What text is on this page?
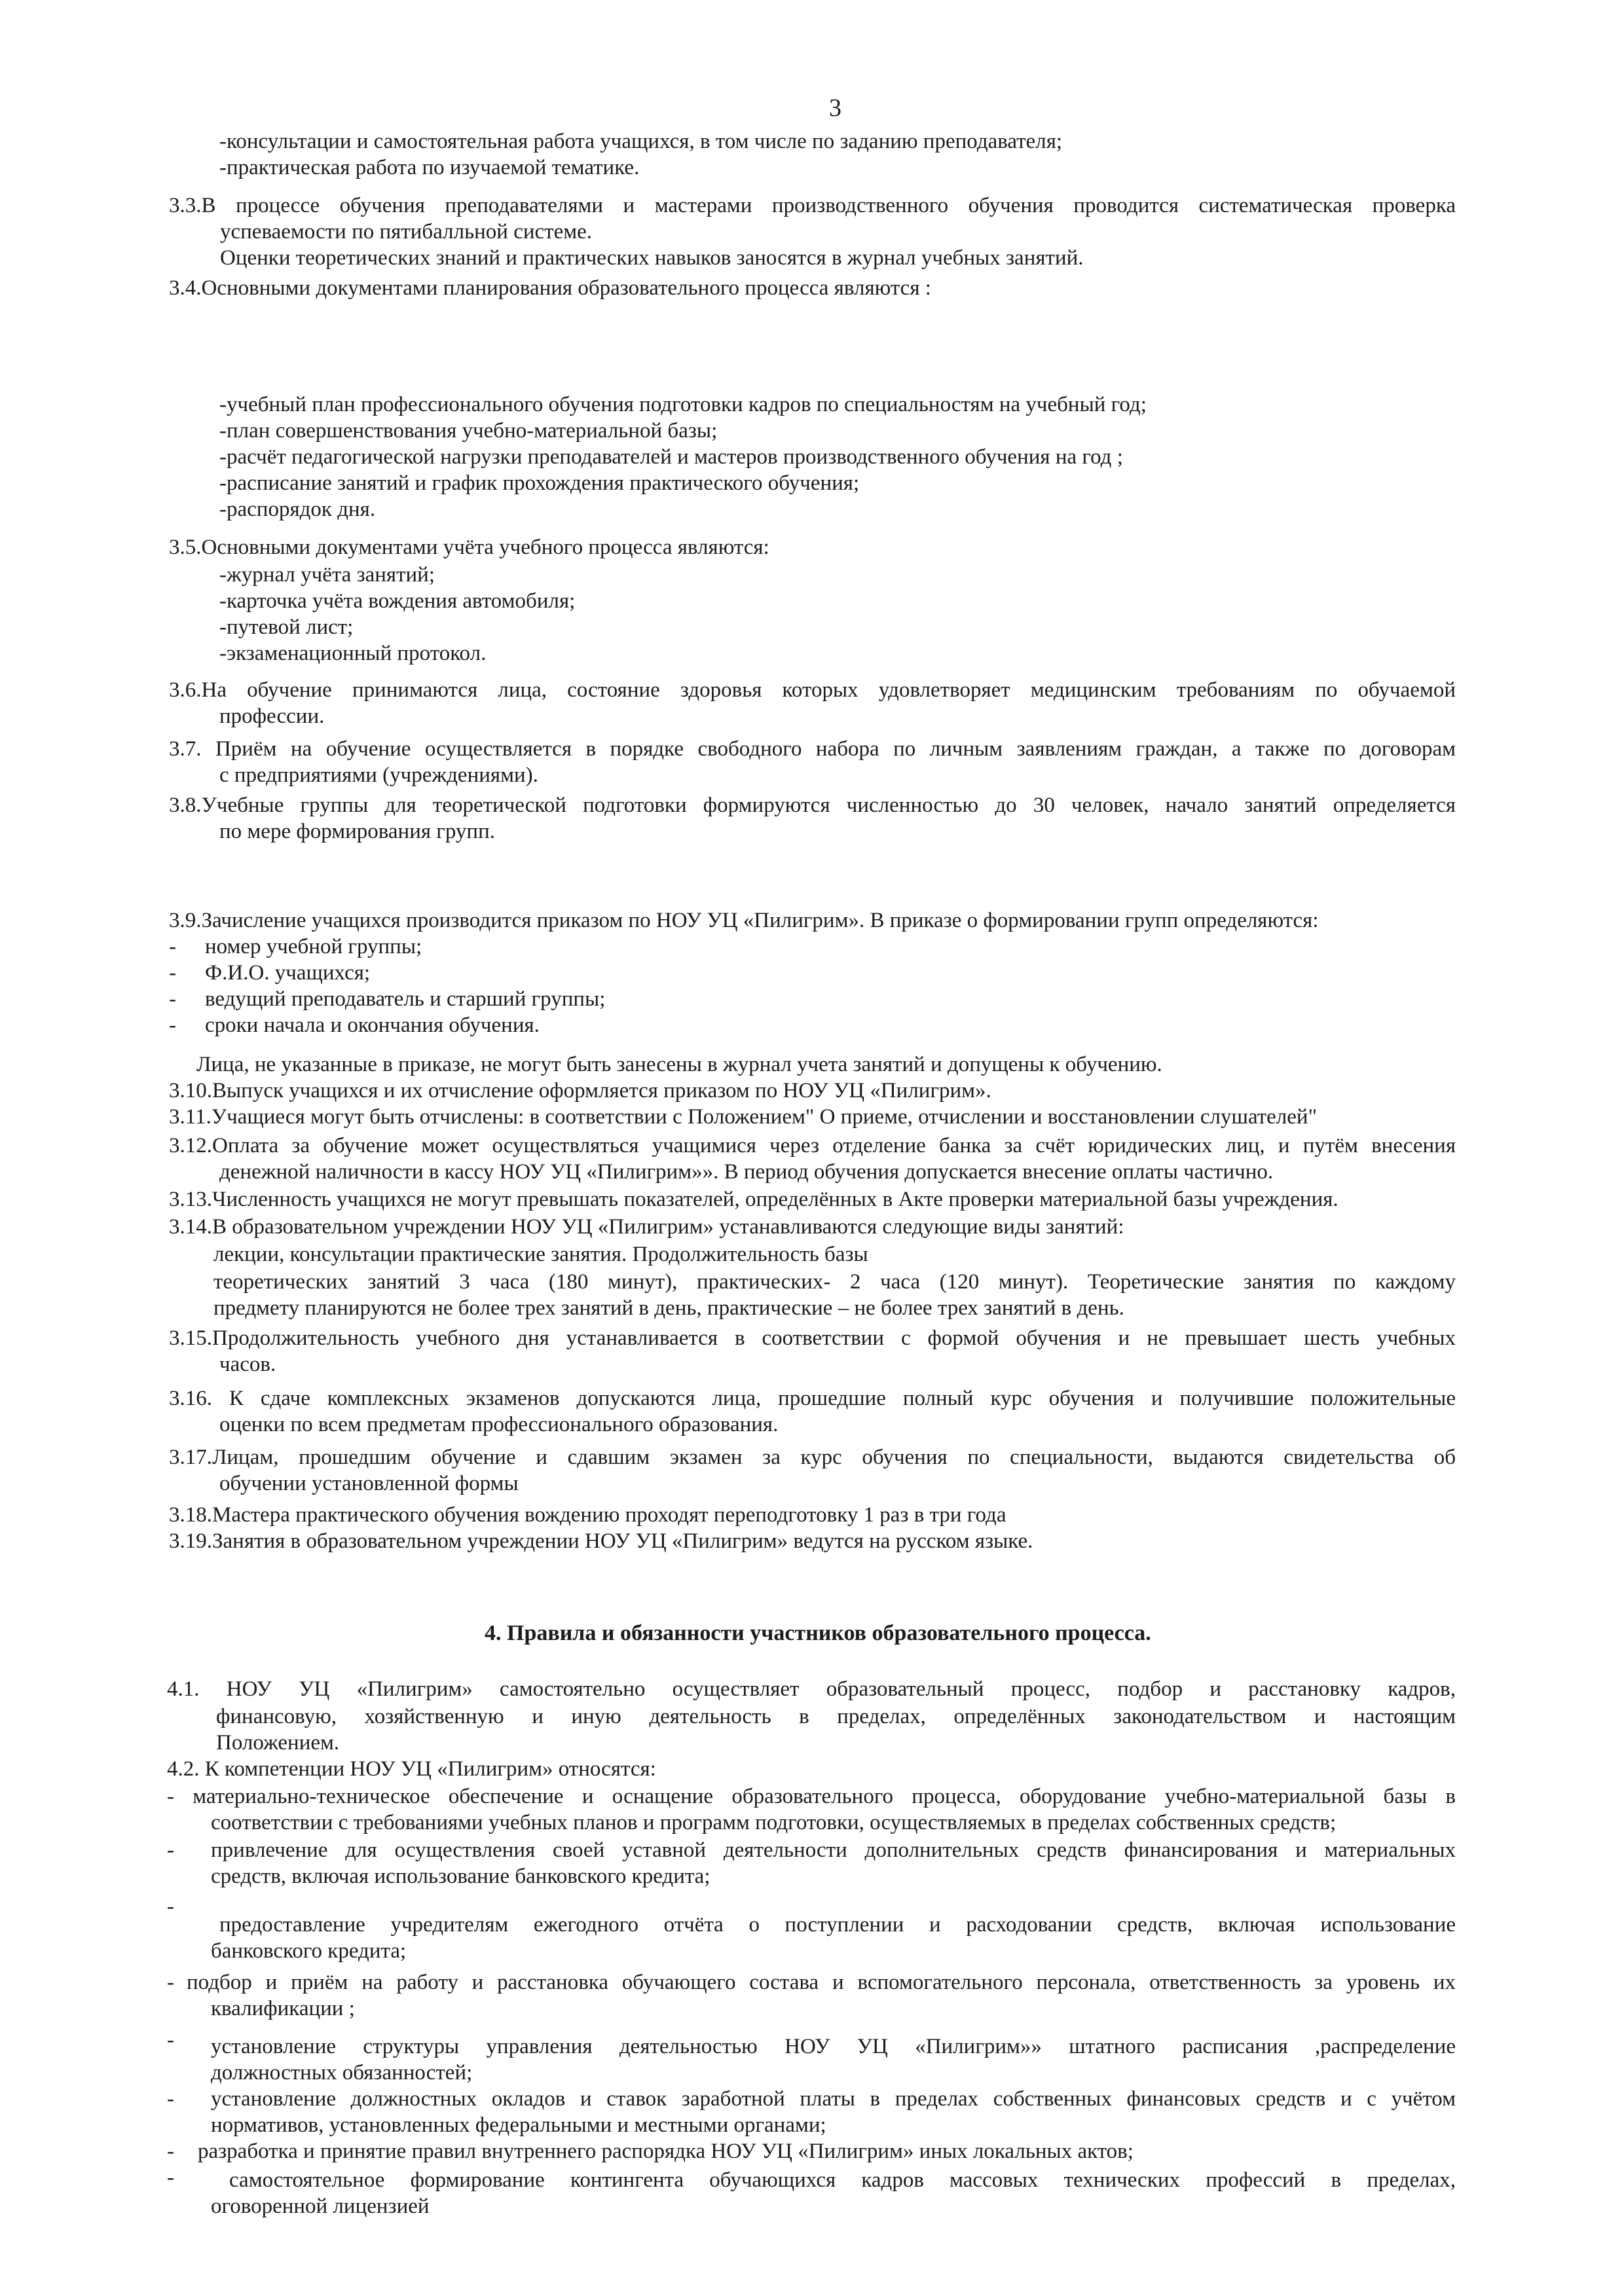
3
-консультации и самостоятельная работа учащихся, в том числе по заданию преподавателя;
-практическая работа по изучаемой тематике.
3.3.В процессе обучения преподавателями и мастерами производственного обучения проводится систематическая проверка
успеваемости по пятибалльной системе.
Оценки теоретических знаний и практических навыков заносятся в журнал учебных занятий.
3.4.Основными документами планирования образовательного процесса являются :
-учебный план профессионального обучения подготовки кадров по специальностям на учебный год;
-план совершенствования учебно-материальной базы;
-расчёт педагогической нагрузки преподавателей и мастеров производственного обучения на год ;
-расписание занятий и график прохождения практического обучения;
-распорядок дня.
3.5.Основными документами учёта учебного процесса являются:
-журнал учёта занятий;
-карточка учёта вождения автомобиля;
-путевой лист;
-экзаменационный протокол.
3.6.На обучение принимаются лица, состояние здоровья которых удовлетворяет медицинским требованиям по обучаемой
профессии.
3.7. Приём на обучение осуществляется в порядке свободного набора по личным заявлениям граждан, а также по договорам
с предприятиями (учреждениями).
3.8.Учебные группы для теоретической подготовки формируются численностью до 30 человек, начало занятий определяется
по мере формирования групп.
3.9.Зачисление учащихся производится приказом по НОУ УЦ «Пилигрим». В приказе о формировании групп определяются:
- номер учебной группы;
- Ф.И.О. учащихся;
- ведущий преподаватель и старший группы;
- сроки начала и окончания обучения.
Лица, не указанные в приказе, не могут быть занесены в журнал учета занятий и допущены к обучению.
3.10.Выпуск учащихся и их отчисление оформляется приказом по НОУ УЦ «Пилигрим».
3.11.Учащиеся могут быть отчислены: в соответствии с Положением" О приеме, отчислении и восстановлении слушателей"
3.12.Оплата за обучение может осуществляться учащимися через отделение банка за счёт юридических лиц, и путём внесения
денежной наличности в кассу НОУ УЦ «Пилигрим»». В период обучения допускается внесение оплаты частично.
3.13.Численность учащихся не могут превышать показателей, определённых в Акте проверки материальной базы учреждения.
3.14.В образовательном учреждении НОУ УЦ «Пилигрим» устанавливаются следующие виды занятий:
лекции, консультации практические занятия. Продолжительность базы
теоретических занятий 3 часа (180 минут), практических- 2 часа (120 минут). Теоретические занятия по каждому
предмету планируются не более трех занятий в день, практические – не более трех занятий в день.
3.15.Продолжительность учебного дня устанавливается в соответствии с формой обучения и не превышает шесть учебных
часов.
3.16. К сдаче комплексных экзаменов допускаются лица, прошедшие полный курс обучения и получившие положительные
оценки по всем предметам профессионального образования.
3.17.Лицам, прошедшим обучение и сдавшим экзамен за курс обучения по специальности, выдаются свидетельства об
обучении установленной формы
3.18.Мастера практического обучения вождению проходят переподготовку 1 раз в три года
3.19.Занятия в образовательном учреждении НОУ УЦ «Пилигрим» ведутся на русском языке.
4. Правила и обязанности участников образовательного процесса.
4.1. НОУ УЦ «Пилигрим» самостоятельно осуществляет образовательный процесс, подбор и расстановку кадров,
финансовую, хозяйственную и иную деятельность в пределах, определённых законодательством и настоящим
Положением.
4.2. К компетенции НОУ УЦ «Пилигрим» относятся:
- материально-техническое обеспечение и оснащение образовательного процесса, оборудование учебно-материальной базы в
соответствии с требованиями учебных планов и программ подготовки, осуществляемых в пределах собственных средств;
- привлечение для осуществления своей уставной деятельности дополнительных средств финансирования и материальных
средств, включая использование банковского кредита;
-
предоставление учредителям ежегодного отчёта о поступлении и расходовании средств, включая использование
банковского кредита;
- подбор и приём на работу и расстановка обучающего состава и вспомогательного персонала, ответственность за уровень их
квалификации ;
- установление структуры управления деятельностью НОУ УЦ «Пилигрим»» штатного расписания ,распределение
должностных обязанностей;
- установление должностных окладов и ставок заработной платы в пределах собственных финансовых средств и с учётом
нормативов, установленных федеральными и местными органами;
- разработка и принятие правил внутреннего распорядка НОУ УЦ «Пилигрим» иных локальных актов;
-	самостоятельное формирование контингента обучающихся кадров массовых технических профессий в пределах,
оговоренной лицензией
